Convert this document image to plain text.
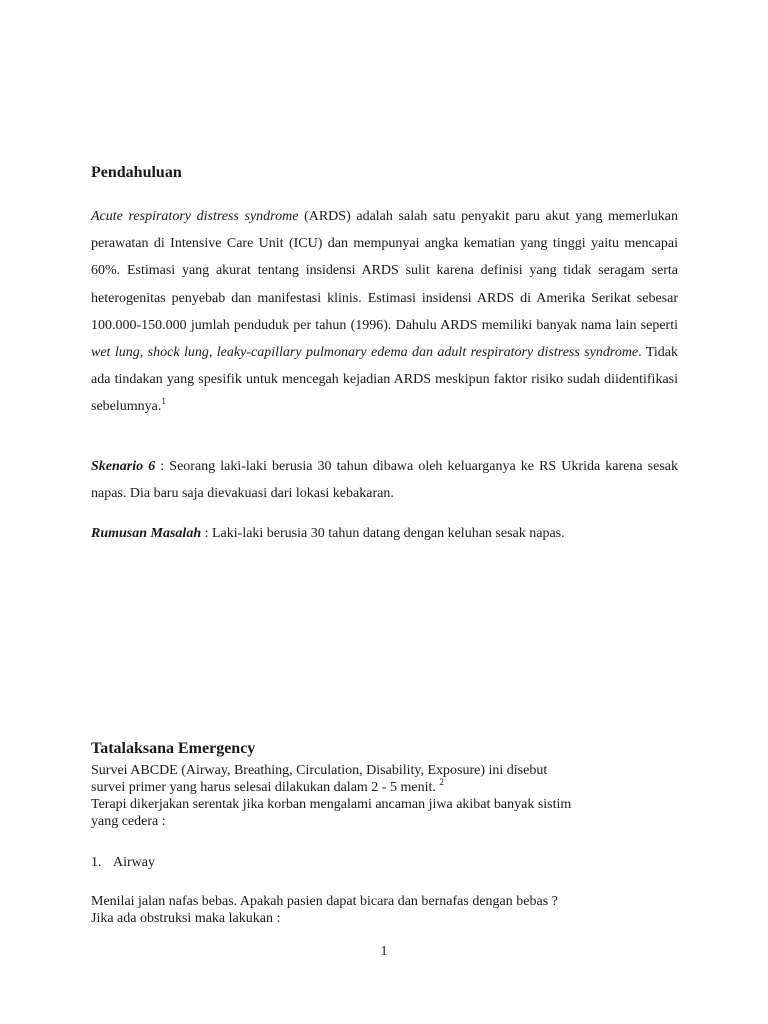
Pendahuluan

Acute respiratory distress syndrome (ARDS) adalah salah satu penyakit paru akut yang memerlukan perawatan di Intensive Care Unit (ICU) dan mempunyai angka kematian yang tinggi yaitu mencapai 60%. Estimasi yang akurat tentang insidensi ARDS sulit karena definisi yang tidak seragam serta heterogenitas penyebab dan manifestasi klinis. Estimasi insidensi ARDS di Amerika Serikat sebesar 100.000-150.000 jumlah penduduk per tahun (1996). Dahulu ARDS memiliki banyak nama lain seperti wet lung, shock lung, leaky-capillary pulmonary edema dan adult respiratory distress syndrome. Tidak ada tindakan yang spesifik untuk mencegah kejadian ARDS meskipun faktor risiko sudah diidentifikasi sebelumnya.$^1$

Skenario 6 : Seorang laki-laki berusia 30 tahun dibawa oleh keluarganya ke RS Ukrida karena sesak napas. Dia baru saja dievakuasi dari lokasi kebakaran.

Rumusan Masalah : Laki-laki berusia 30 tahun datang dengan keluhan sesak napas.

Tatalaksana Emergency

Survei ABCDE (Airway, Breathing, Circulation, Disability, Exposure) ini disebut
survei primer yang harus selesai dilakukan dalam 2 - 5 menit. $^2$

Terapi dikerjakan serentak jika korban mengalami ancaman jiwa akibat banyak sistim
yang cedera :

1. Airway

Menilai jalan nafas bebas. Apakah pasien dapat bicara dan bernafas dengan bebas ?
Jika ada obstruksi maka lakukan :

1
